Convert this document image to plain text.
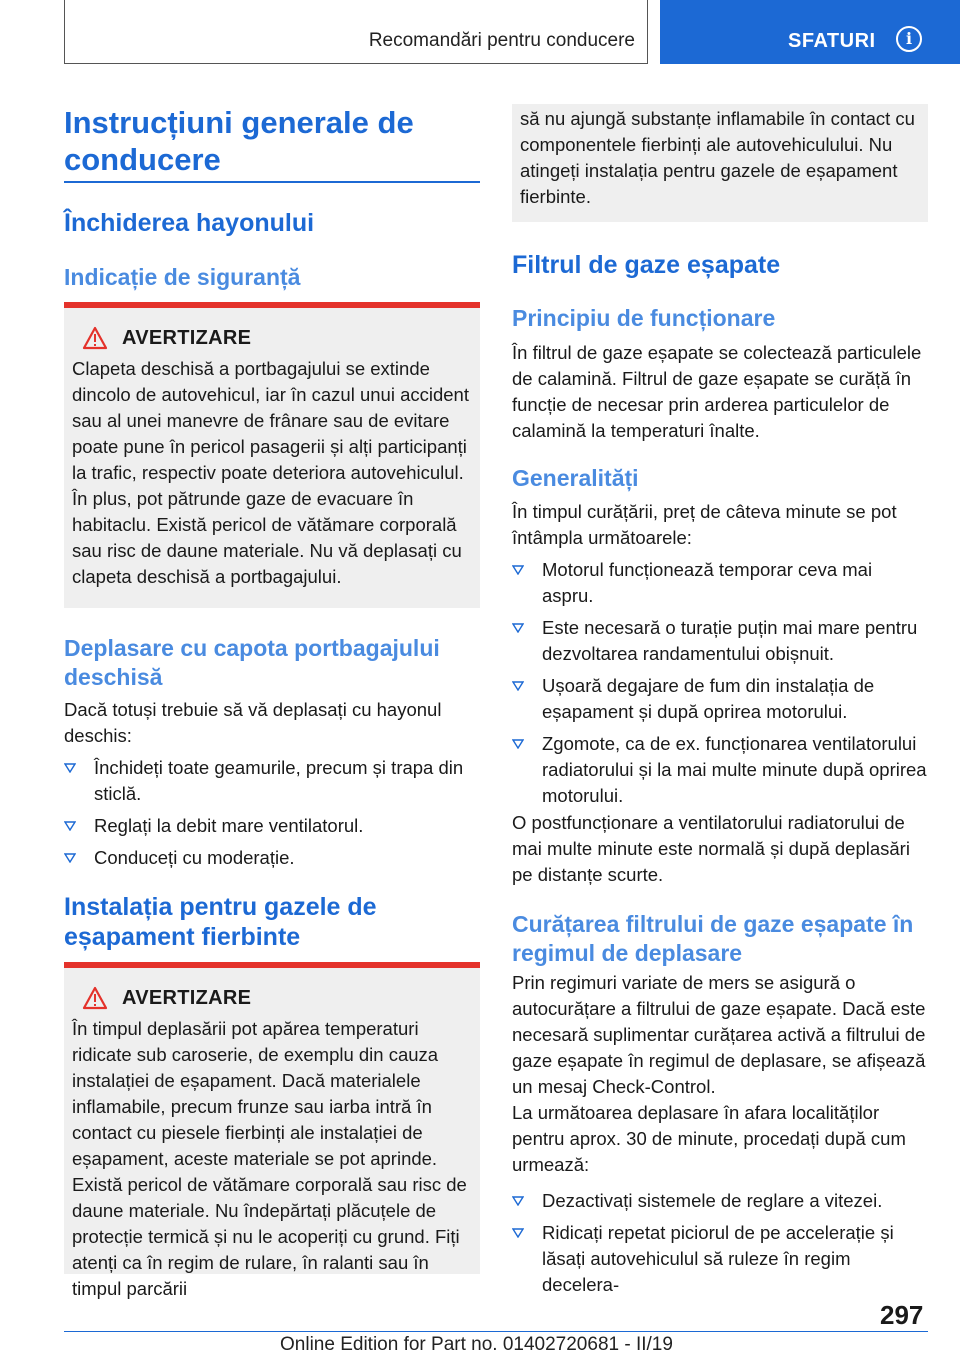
Recomandări pentru conducere	SFATURI	i
Instrucțiuni generale de conducere
Închiderea hayonului
Indicație de siguranță
AVERTIZARE

Clapeta deschisă a portbagajului se extinde dincolo de autovehicul, iar în cazul unui accident sau al unei manevre de frânare sau de evitare poate pune în pericol pasagerii și alți participanți la trafic, respectiv poate deteriora autovehiculul. În plus, pot pătrunde gaze de evacuare în habitaclu. Există pericol de vătămare corporală sau risc de daune materiale. Nu vă deplasați cu clapeta deschisă a portbagajului.

Deplasare cu capota portbagajului deschisă

Dacă totuși trebuie să vă deplasați cu hayonul deschis:

Închideți toate geamurile, precum și trapa din sticlă.
Reglați la debit mare ventilatorul.
Conduceți cu moderație.
Instalația pentru gazele de eșapament fierbinte
AVERTIZARE

În timpul deplasării pot apărea temperaturi ridicate sub caroserie, de exemplu din cauza instalației de eșapament. Dacă materialele inflamabile, precum frunze sau iarba intră în contact cu piesele fierbinți ale instalației de eșapament, aceste materiale se pot aprinde. Există pericol de vătămare corporală sau risc de daune materiale. Nu îndepărtați plăcuțele de protecție termică și nu le acoperiți cu grund. Fiți atenți ca în regim de rulare, în ralanti sau în timpul parcării

să nu ajungă substanțe inflamabile în contact cu componentele fierbinți ale autovehiculului. Nu atingeți instalația pentru gazele de eșapament fierbinte.

Filtrul de gaze eșapate
Principiu de funcționare

În filtrul de gaze eșapate se colectează particulele de calamină. Filtrul de gaze eșapate se curăță în funcție de necesar prin arderea particulelor de calamină la temperaturi înalte.

Generalități

În timpul curățării, preț de câteva minute se pot întâmpla următoarele:

Motorul funcționează temporar ceva mai aspru.
Este necesară o turație puțin mai mare pentru dezvoltarea randamentului obișnuit.
Ușoară degajare de fum din instalația de eșapament și după oprirea motorului.
Zgomote, ca de ex. funcționarea ventilatorului radiatorului și la mai multe minute după oprirea motorului.

O postfuncționare a ventilatorului radiatorului de mai multe minute este normală și după deplasări pe distanțe scurte.

Curățarea filtrului de gaze eșapate în regimul de deplasare

Prin regimuri variate de mers se asigură o autocurățare a filtrului de gaze eșapate. Dacă este necesară suplimentar curățarea activă a filtrului de gaze eșapate în regimul de deplasare, se afișează un mesaj Check-Control.

La următoarea deplasare în afara localităților pentru aprox. 30 de minute, procedați după cum urmează:

Dezactivați sistemele de reglare a vitezei.
Ridicați repetat piciorul de pe accelerație și lăsați autovehiculul să ruleze în regim decelera-
297
Online Edition for Part no. 01402720681 - II/19
